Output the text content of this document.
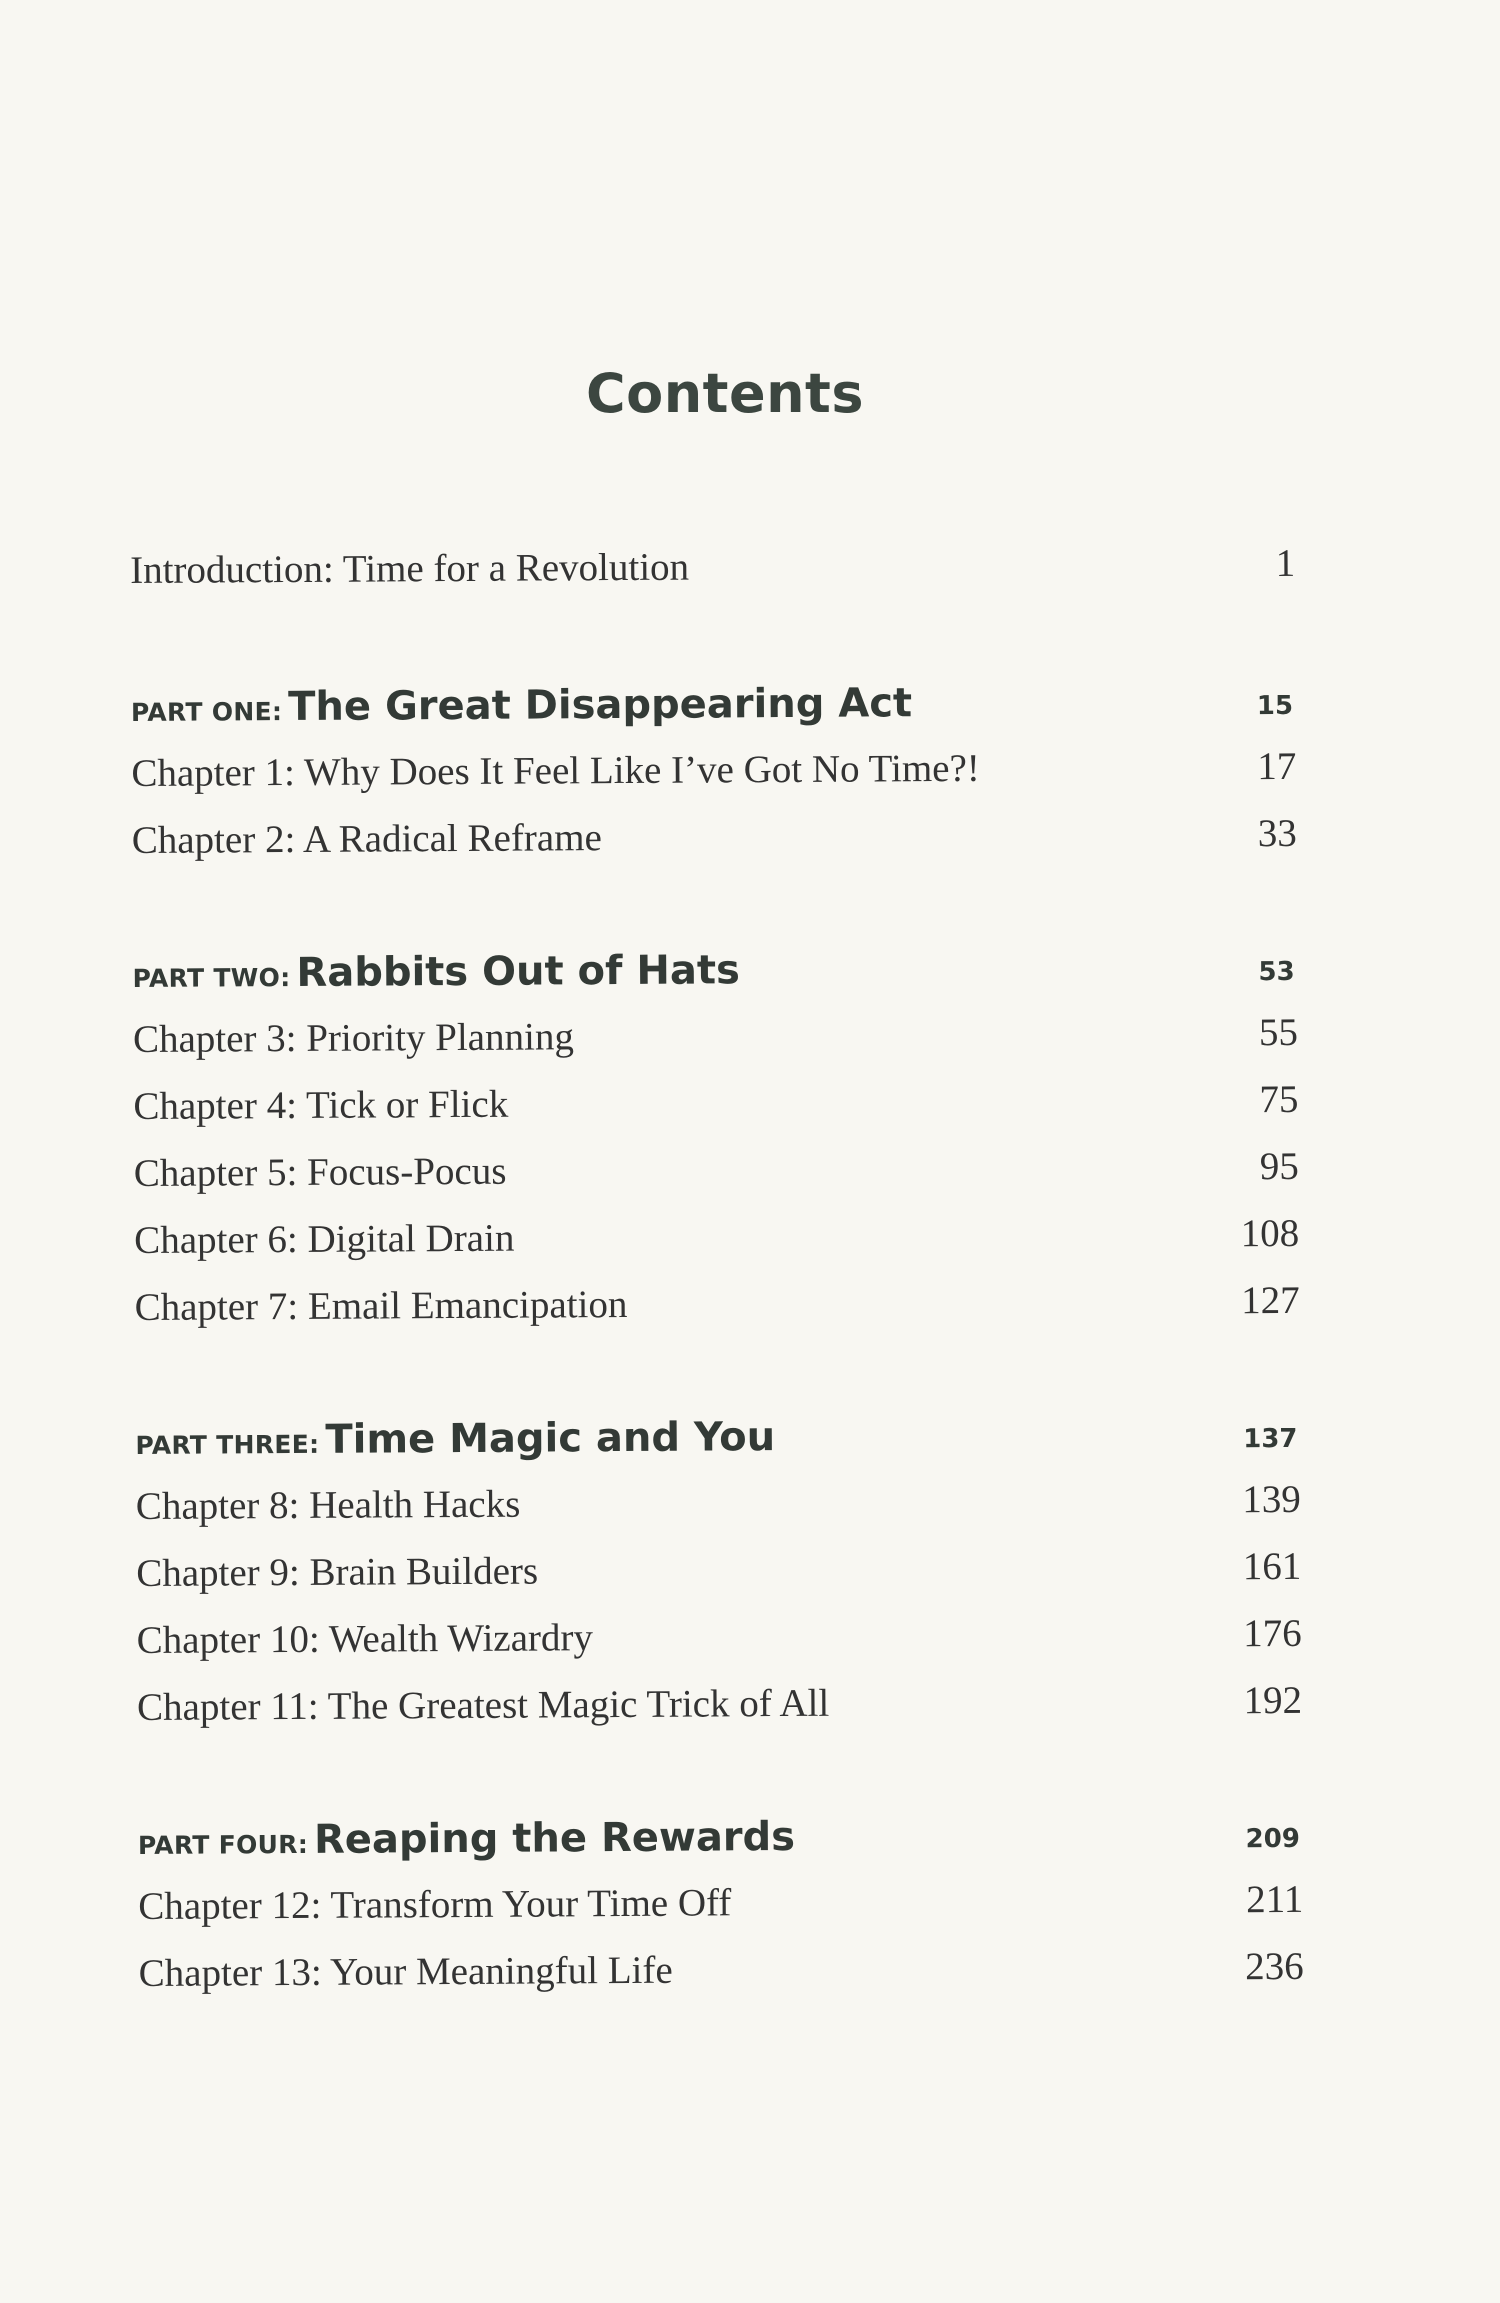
Contents
Introduction: Time for a Revolution	1
PART ONE: The Great Disappearing Act	15
Chapter 1: Why Does It Feel Like I’ve Got No Time?!	17
Chapter 2: A Radical Reframe	33
PART TWO: Rabbits Out of Hats	53
Chapter 3: Priority Planning	55
Chapter 4: Tick or Flick	75
Chapter 5: Focus-Pocus	95
Chapter 6: Digital Drain	108
Chapter 7: Email Emancipation	127
PART THREE: Time Magic and You	137
Chapter 8: Health Hacks	139
Chapter 9: Brain Builders	161
Chapter 10: Wealth Wizardry	176
Chapter 11: The Greatest Magic Trick of All	192
PART FOUR: Reaping the Rewards	209
Chapter 12: Transform Your Time Off	211
Chapter 13: Your Meaningful Life	236
